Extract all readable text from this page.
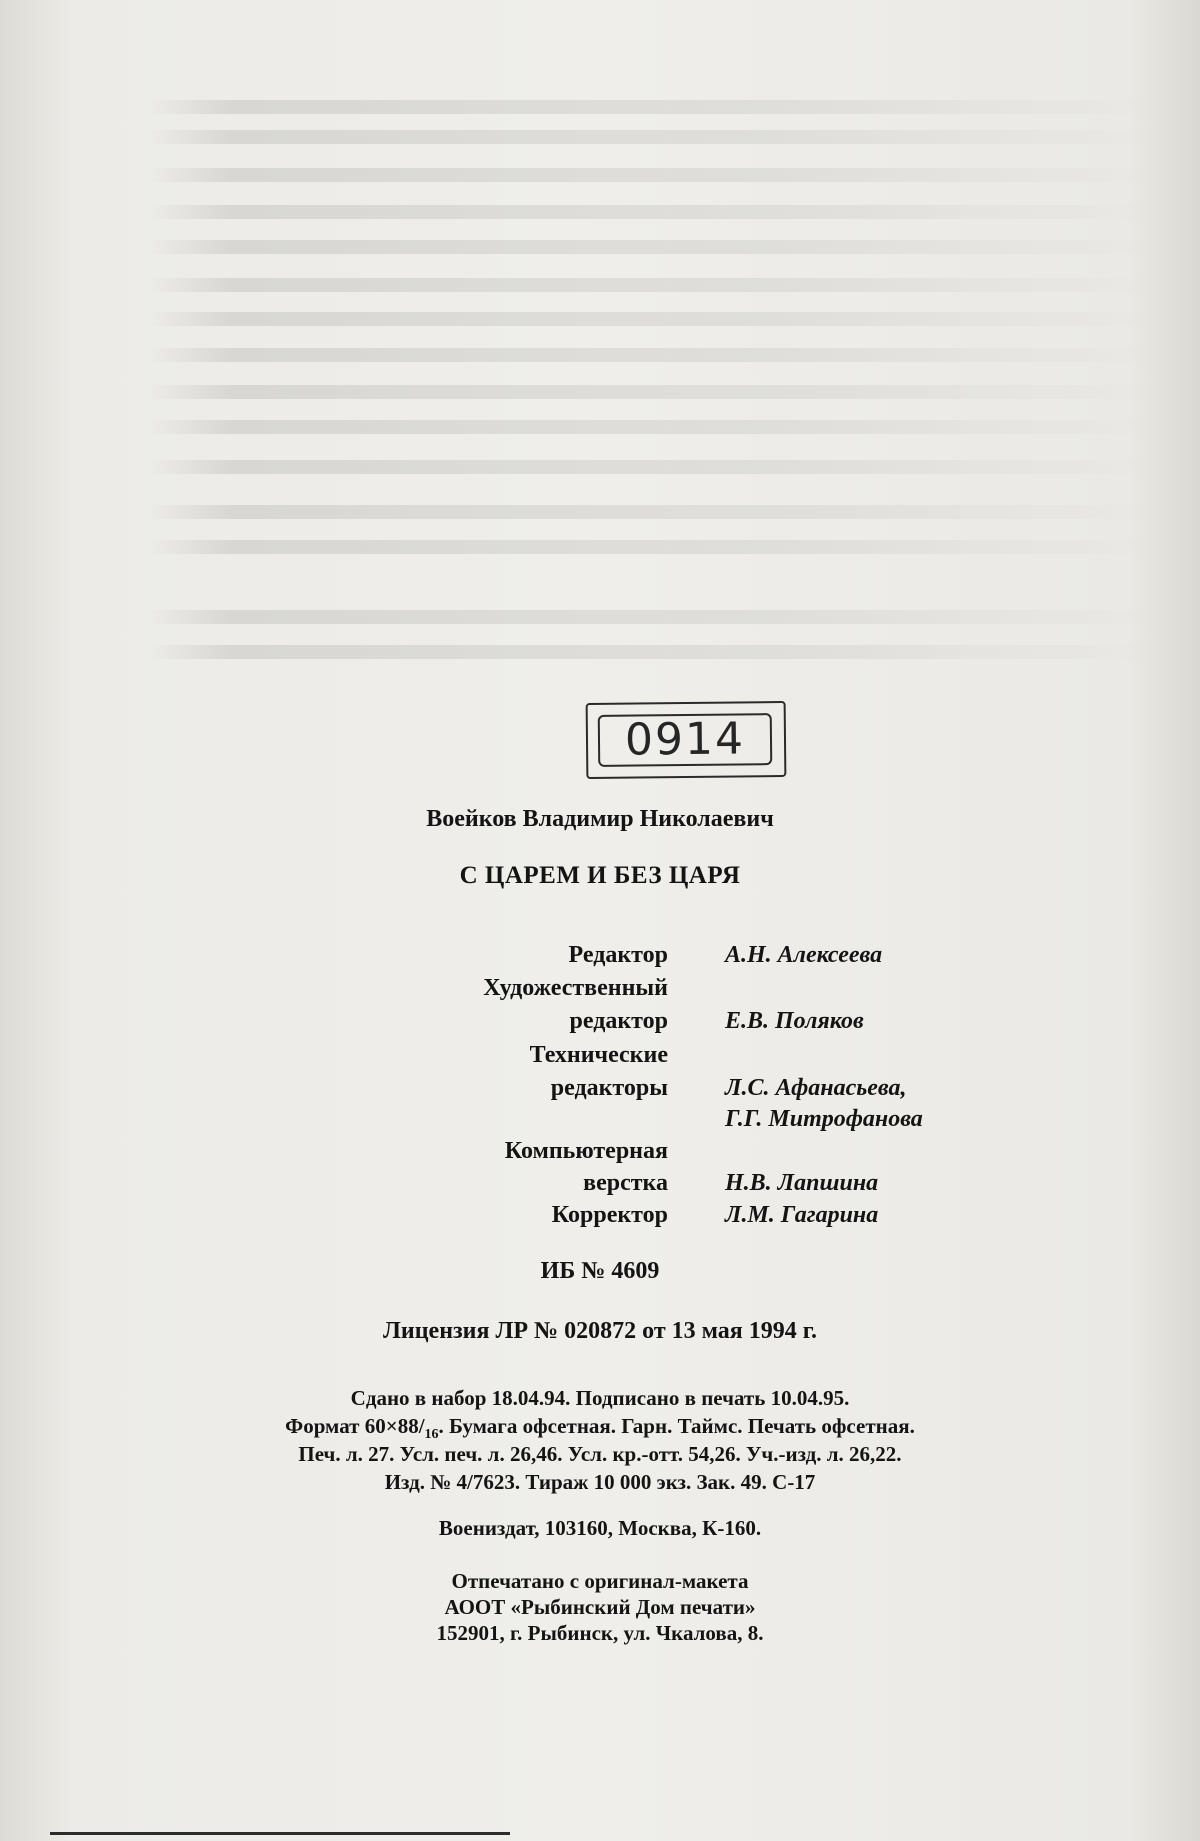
0914
Воейков Владимир Николаевич
С ЦАРЕМ И БЕЗ ЦАРЯ
Редактор А.Н. Алексеева
Художественный
редактор Е.В. Поляков
Технические
редакторы Л.С. Афанасьева,
Г.Г. Митрофанова
Компьютерная
верстка Н.В. Лапшина
Корректор Л.М. Гагарина
ИБ № 4609
Лицензия ЛР № 020872 от 13 мая 1994 г.
Сдано в набор 18.04.94. Подписано в печать 10.04.95.
Формат $60\times 88/_{16}$. Бумага офсетная. Гарн. Таймс. Печать офсетная.
Печ. л. 27. Усл. печ. л. 26,46. Усл. кр.-отт. 54,26. Уч.-изд. л. 26,22.
Изд. № 4/7623. Тираж 10 000 экз. Зак. 49. С-17
Воениздат, 103160, Москва, К-160.
Отпечатано с оригинал-макета
АООТ «Рыбинский Дом печати»
152901, г. Рыбинск, ул. Чкалова, 8.
